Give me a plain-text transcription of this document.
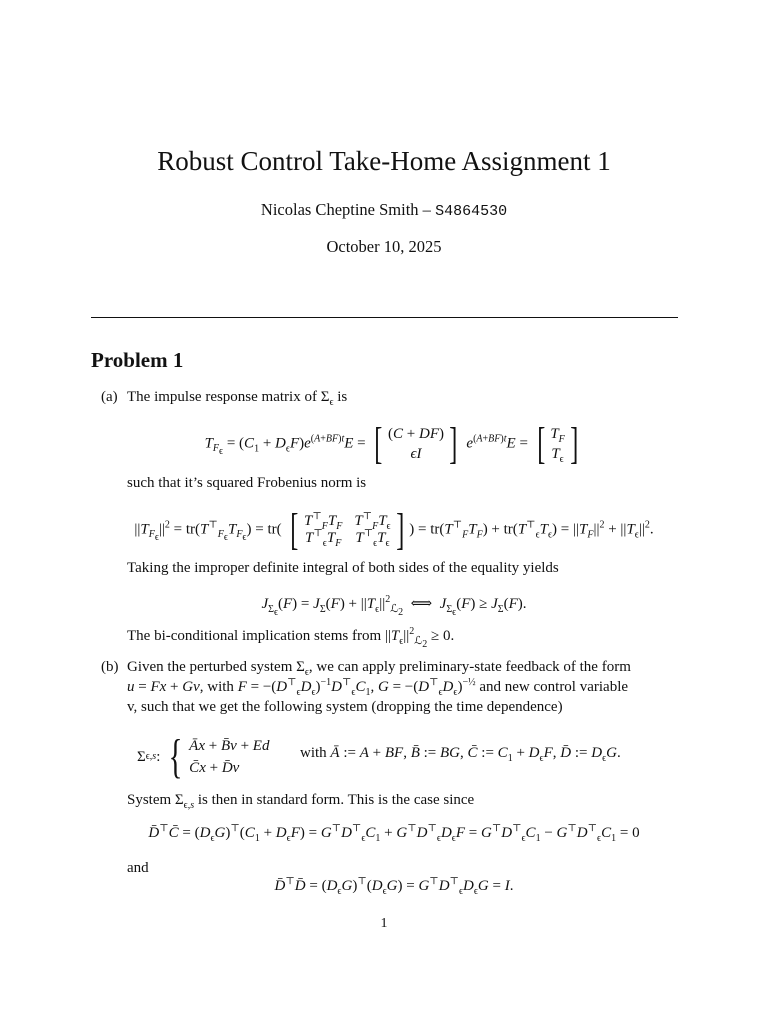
Robust Control Take-Home Assignment 1
Nicolas Cheptine Smith – S4864530
October 10, 2025
Problem 1
(a) The impulse response matrix of $\Sigma_\epsilon$ is
$T_{F_\epsilon} = (C_1 + D_\epsilon F)e^{(A+BF)t}E$ = [ (C + DF)
ϵI ] $e^{(A+BF)t}E$ = [ $T_F$
$T_\epsilon$ ]
such that it’s squared Frobenius norm is
$||T_{F_\epsilon}||^2 = tr(T^⊤_{F_\epsilon}T_{F_\epsilon}) = tr$( [ $T^⊤_FT_F$ $T^⊤_FT_\epsilon$
$T^⊤_\epsilon T_F$ $T^⊤_\epsilon T_\epsilon$ ] ) = $tr(T^⊤_FT_F) + tr(T^⊤_\epsilon T_\epsilon) = ||T_F||^2 + ||T_\epsilon||^2$.
Taking the improper definite integral of both sides of the equality yields
$J_{\Sigma_\epsilon}(F) = J_\Sigma(F) + ||T_\epsilon||^2_{ℒ_2}$  ⟺  $J_{\Sigma_\epsilon}(F) \ge J_\Sigma(F)$.
The bi-conditional implication stems from $||T_\epsilon||^2_{ℒ_2} \ge 0$.
(b) Given the perturbed system $\Sigma_\epsilon$, we can apply preliminary-state feedback of the form
u = Fx + Gv, with $F = -(D^⊤_\epsilon D_\epsilon)^{-1}D^⊤_\epsilon C_1$, $G = -(D^⊤_\epsilon D_\epsilon)^{-\frac{1}{2}}$ and new control variable
v, such that we get the following system (dropping the time dependence)
Σ ϵ,s : { Āx + B̄v + Ed
C̄x + D̄v
with Ā := A + BF, B̄ := BG, C̄ := $C_1 + D_\epsilon F$, D̄ := $D_\epsilon G$.
System $\Sigma_{\epsilon,s}$ is then in standard form. This is the case since
D̄⊤C̄ = $(D_\epsilon G)^⊤(C_1 + D_\epsilon F) = G^⊤D^⊤_\epsilon C_1 + G^⊤D^⊤_\epsilon D_\epsilon F = G^⊤D^⊤_\epsilon C_1 - G^⊤D^⊤_\epsilon C_1 = 0$
and
D̄⊤D̄ = $(D_\epsilon G)^⊤(D_\epsilon G) = G^⊤D^⊤_\epsilon D_\epsilon G = I$.
1
